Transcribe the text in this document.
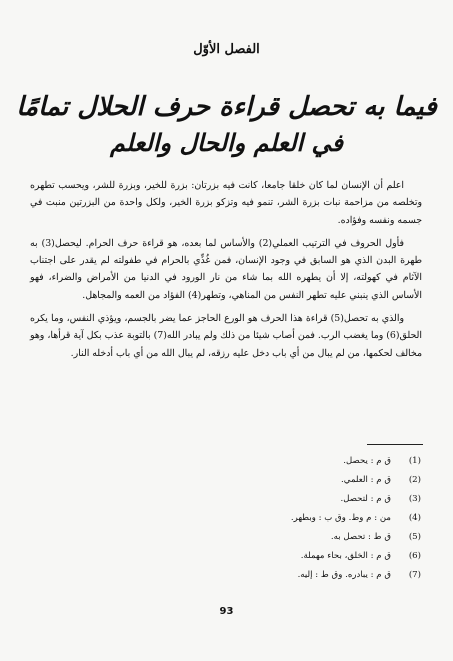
الفصل الأوّل
فيما به تحصل قراءة حرف الحلال تمامًا
في العلم والحال والعلم

اعلم أن الإنسان لما كان خلقا جامعا، كانت فيه بزرتان: بزرة للخير، وبزرة للشر، ويحسب تطهره وتخلصه من مزاحمة نبات بزرة الشر، تنمو فيه وتزكو بزرة الخير، ولكل واحدة من البزرتين منبت في جسمه ونفسه وفؤاده.

فأول الحروف في الترتيب العملي(2) والأساس لما بعده، هو قراءة حرف الحرام. ليحصل(3) به طهرة البدن الذي هو السابق في وجود الإنسان، فمن غُذِّي بالحرام في طفولته لم يقدر على اجتناب الآثام في كهولته، إلا أن يطهره الله بما شاء من نار الورود في الدنيا من الأمراض والضراء، فهو الأساس الذي ينبني عليه تطهر النفس من المناهي، وتطهر(4) الفؤاد من العمه والمجاهل.

والذي به تحصل(5) قراءة هذا الحرف هو الورع الحاجز عما يضر بالجسم، ويؤذي النفس، وما يكره الحلق(6) وما يغضب الرب. فمن أصاب شيئا من ذلك ولم يبادر الله(7) بالتوبة عذب بكل آية قرأها، وهو مخالف لحكمها، من لم يبال من أي باب دخل عليه رزقه، لم يبال الله من أي باب أدخله النار.

(1)
ق م : يحصل.
(2)
ق م : العلمي.
(3)
ق م : لتحصل.
(4)
من : م وط. وق ب : وبطهر.
(5)
ق ط : تحصل به.
(6)
ق م : الخلق، بحاء مهملة.
(7)
ق م : يبادره. وق ط : إليه.
93
